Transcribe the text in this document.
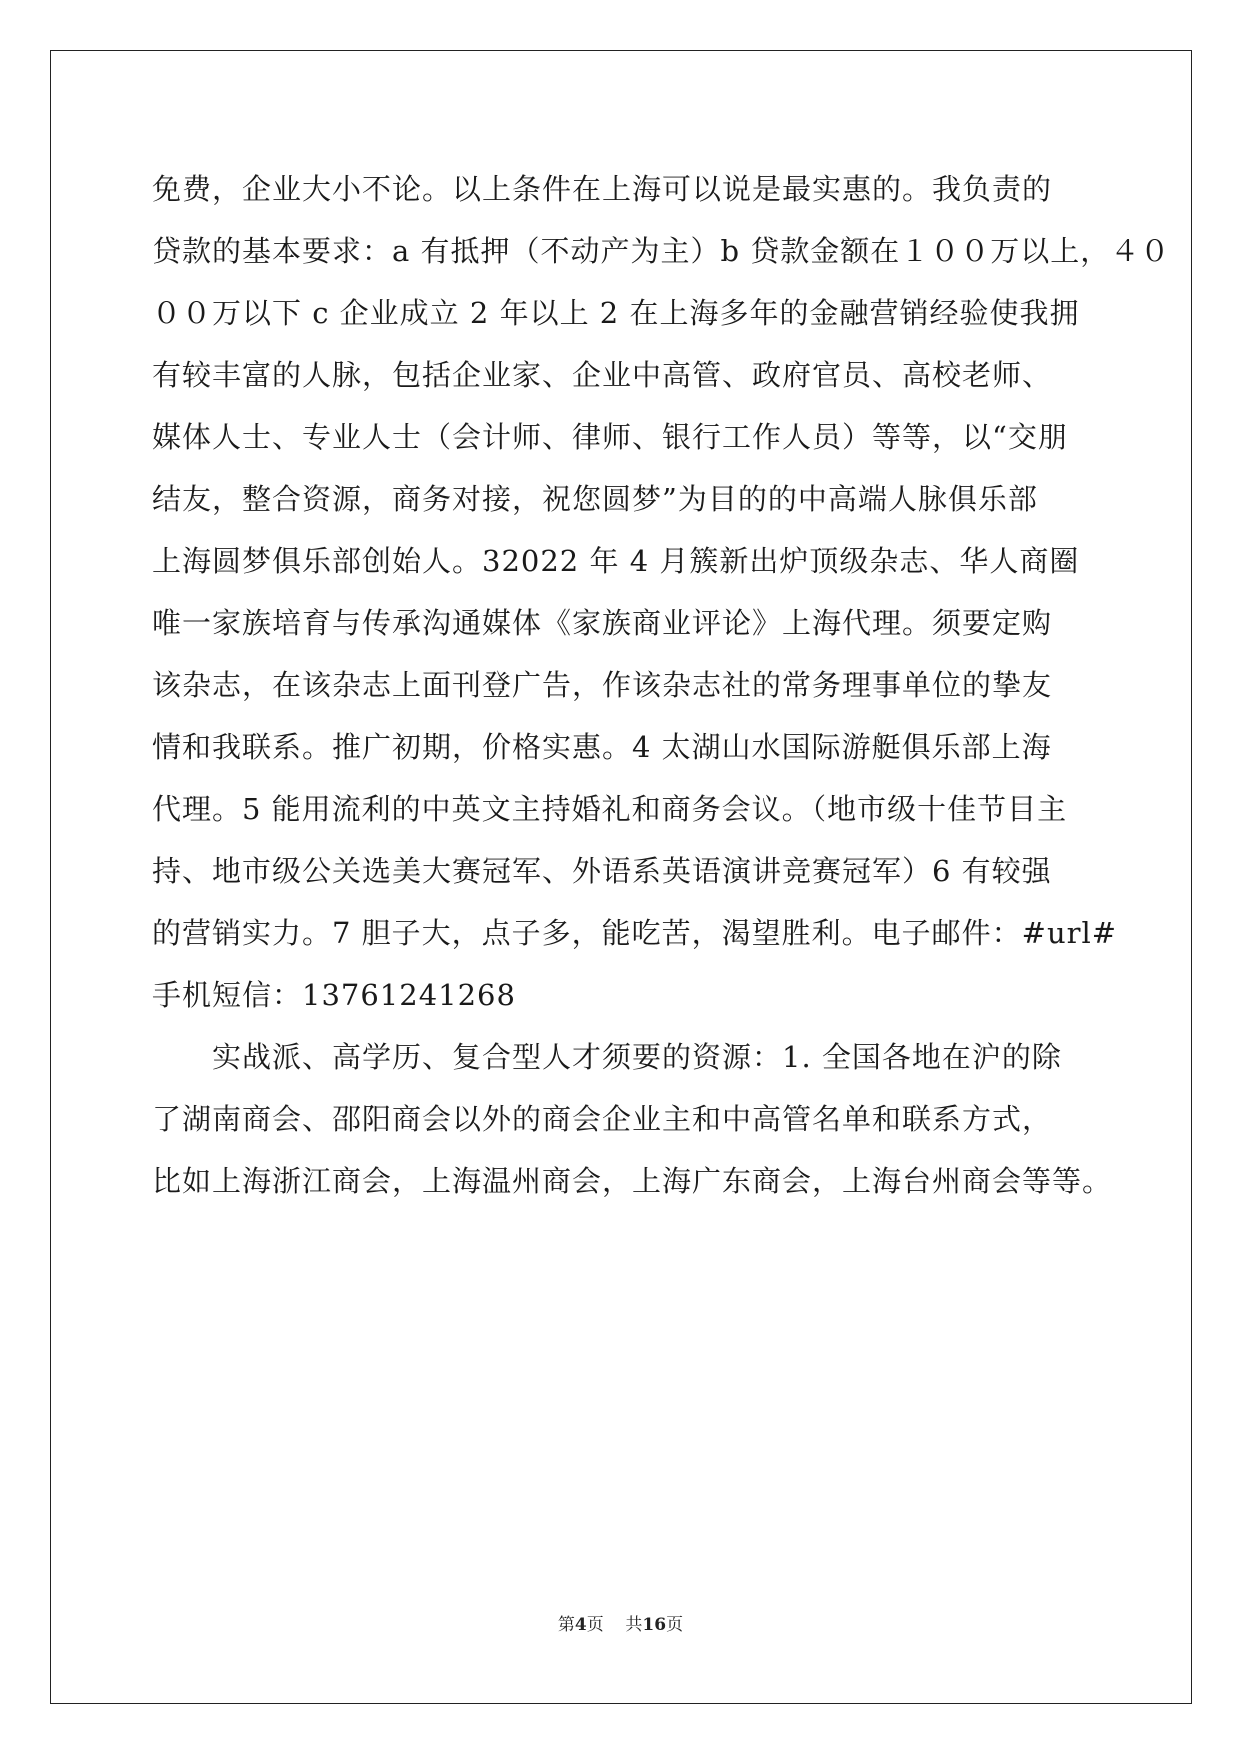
免费，企业大小不论。以上条件在上海可以说是最实惠的。我负责的
贷款的基本要求：a 有抵押（不动产为主）b 贷款金额在１００万以上，４０
００万以下 c 企业成立 2 年以上 2 在上海多年的金融营销经验使我拥
有较丰富的人脉，包括企业家、企业中高管、政府官员、高校老师、
媒体人士、专业人士（会计师、律师、银行工作人员）等等，以“交朋
结友，整合资源，商务对接，祝您圆梦”为目的的中高端人脉俱乐部
上海圆梦俱乐部创始人。32022 年 4 月簇新出炉顶级杂志、华人商圈
唯一家族培育与传承沟通媒体《家族商业评论》上海代理。须要定购
该杂志，在该杂志上面刊登广告，作该杂志社的常务理事单位的挚友
情和我联系。推广初期，价格实惠。4 太湖山水国际游艇俱乐部上海
代理。5 能用流利的中英文主持婚礼和商务会议。（地市级十佳节目主
持、地市级公关选美大赛冠军、外语系英语演讲竞赛冠军）6 有较强
的营销实力。7 胆子大，点子多，能吃苦，渴望胜利。电子邮件：#url#
手机短信：13761241268
　　实战派、高学历、复合型人才须要的资源：1. 全国各地在沪的除
了湖南商会、邵阳商会以外的商会企业主和中高管名单和联系方式，
比如上海浙江商会，上海温州商会，上海广东商会，上海台州商会等等。
第4页 共16页
